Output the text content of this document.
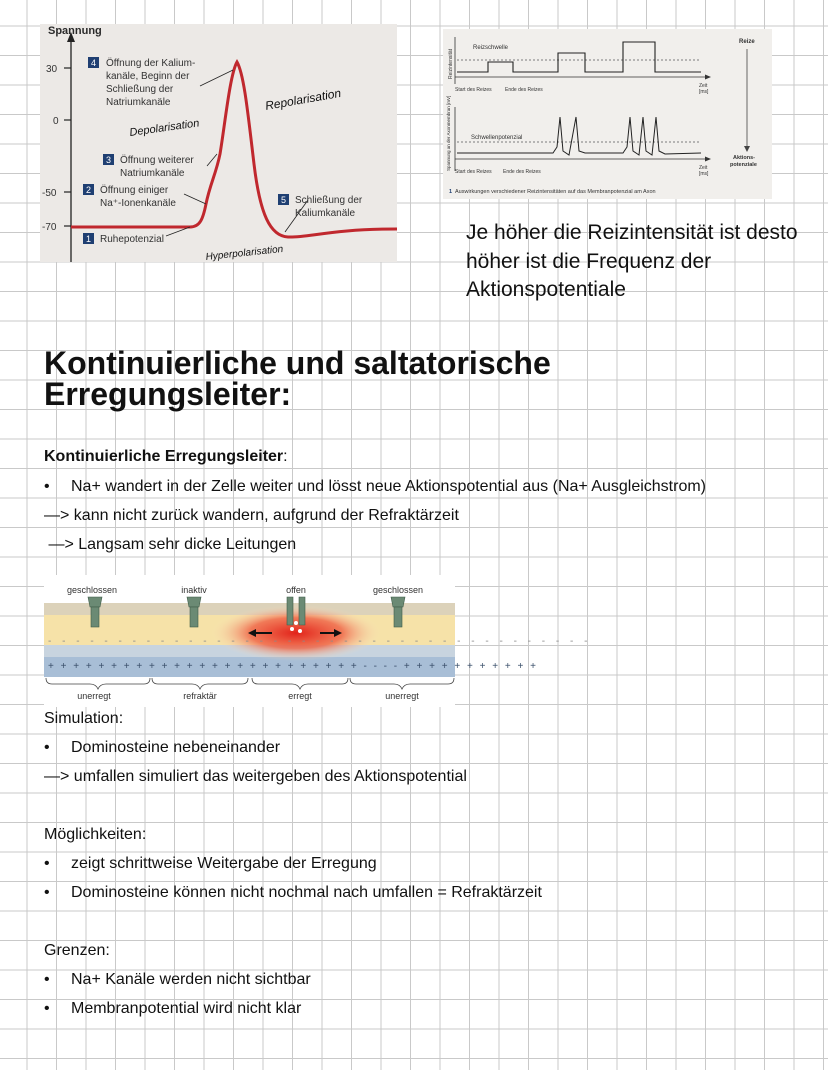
Spannung
30
0
-50
-70
4 Öffnung der Kalium-
kanäle, Beginn der
Schließung der
Natriumkanäle
3 Öffnung weiterer
Natriumkanäle
2 Öffnung einiger
Na⁺-Ionenkanäle	5 Schließung der
Kaliumkanäle
1 Ruhepotenzial
Repolarisation
Depolarisation
Hyperpolarisation
Reizintensität
Reizschwelle
Zeit
[ms]
Start des Reizes	Ende des Reizes
Spannung an der Axonmembran [mV]	Schwellenpotenzial
Zeit
[ms]
Start des Reizes Ende des Reizes
Reize
Aktions-
potenziale
1 Auswirkungen verschiedener Reizintensitäten auf das Membranpotenzial am Axon
Je höher die Reizintensität ist desto höher ist die Frequenz der Aktionspotentiale
Kontinuierliche und saltatorische
Erregungsleiter:
Kontinuierliche Erregungsleiter:
• Na+ wandert in der Zelle weiter und lösst neue Aktionspotential aus (Na+ Ausgleichstrom)
—> kann nicht zurück wandern, aufgrund der Refraktärzeit
—> Langsam sehr dicke Leitungen
- - - - - - - - - - - - - - - - - - - - - - - - - - - - - - - - - - - - - - -
+ + + + + + + + + + + + + + + + + + + + + + + + + - - - - + + + + + + + + + + +
geschlossen	inaktiv	offen	geschlossen
unerregt	refraktär	erregt	unerregt
Simulation:
• Dominosteine nebeneinander
—> umfallen simuliert das weitergeben des Aktionspotential
Möglichkeiten:
• zeigt schrittweise Weitergabe der Erregung
• Dominosteine können nicht nochmal nach umfallen = Refraktärzeit
Grenzen:
• Na+ Kanäle werden nicht sichtbar
• Membranpotential wird nicht klar
